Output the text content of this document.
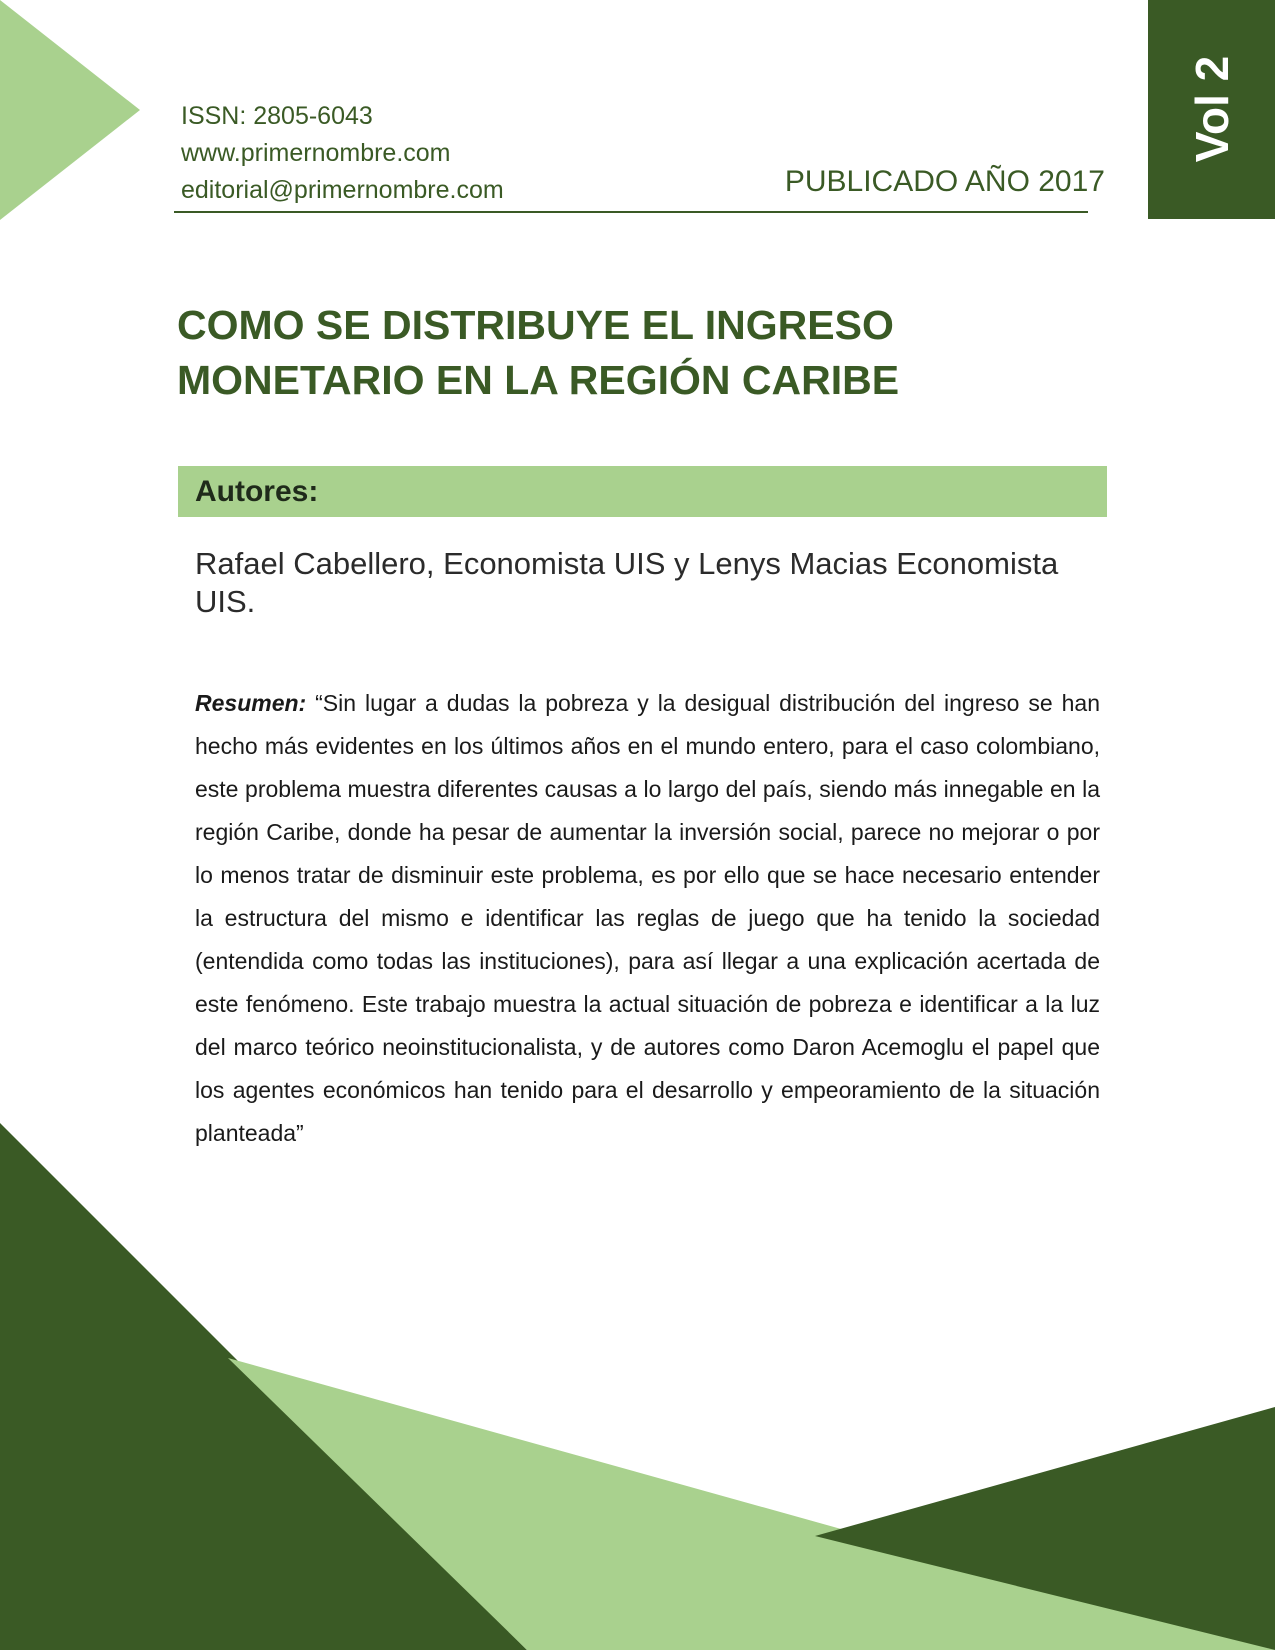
ISSN: 2805-6043
www.primernombre.com
editorial@primernombre.com	PUBLICADO AÑO 2017
Vol 2
COMO SE DISTRIBUYE EL INGRESO
MONETARIO EN LA REGIÓN CARIBE
Autores:
Rafael Cabellero, Economista UIS y Lenys Macias Economista UIS.

Resumen: “Sin lugar a dudas la pobreza y la desigual distribución del ingreso se han hecho más evidentes en los últimos años en el mundo entero, para el caso colombiano, este problema muestra diferentes causas a lo largo del país, siendo más innegable en la región Caribe, donde ha pesar de aumentar la inversión social, parece no mejorar o por lo menos tratar de disminuir este problema, es por ello que se hace necesario entender la estructura del mismo e identificar las reglas de juego que ha tenido la sociedad (entendida como todas las instituciones), para así llegar a una explicación acertada de este fenómeno. Este trabajo muestra la actual situación de pobreza e identificar a la luz del marco teórico neoinstitucionalista, y de autores como Daron Acemoglu el papel que los agentes económicos han tenido para el desarrollo y empeoramiento de la situación planteada”
